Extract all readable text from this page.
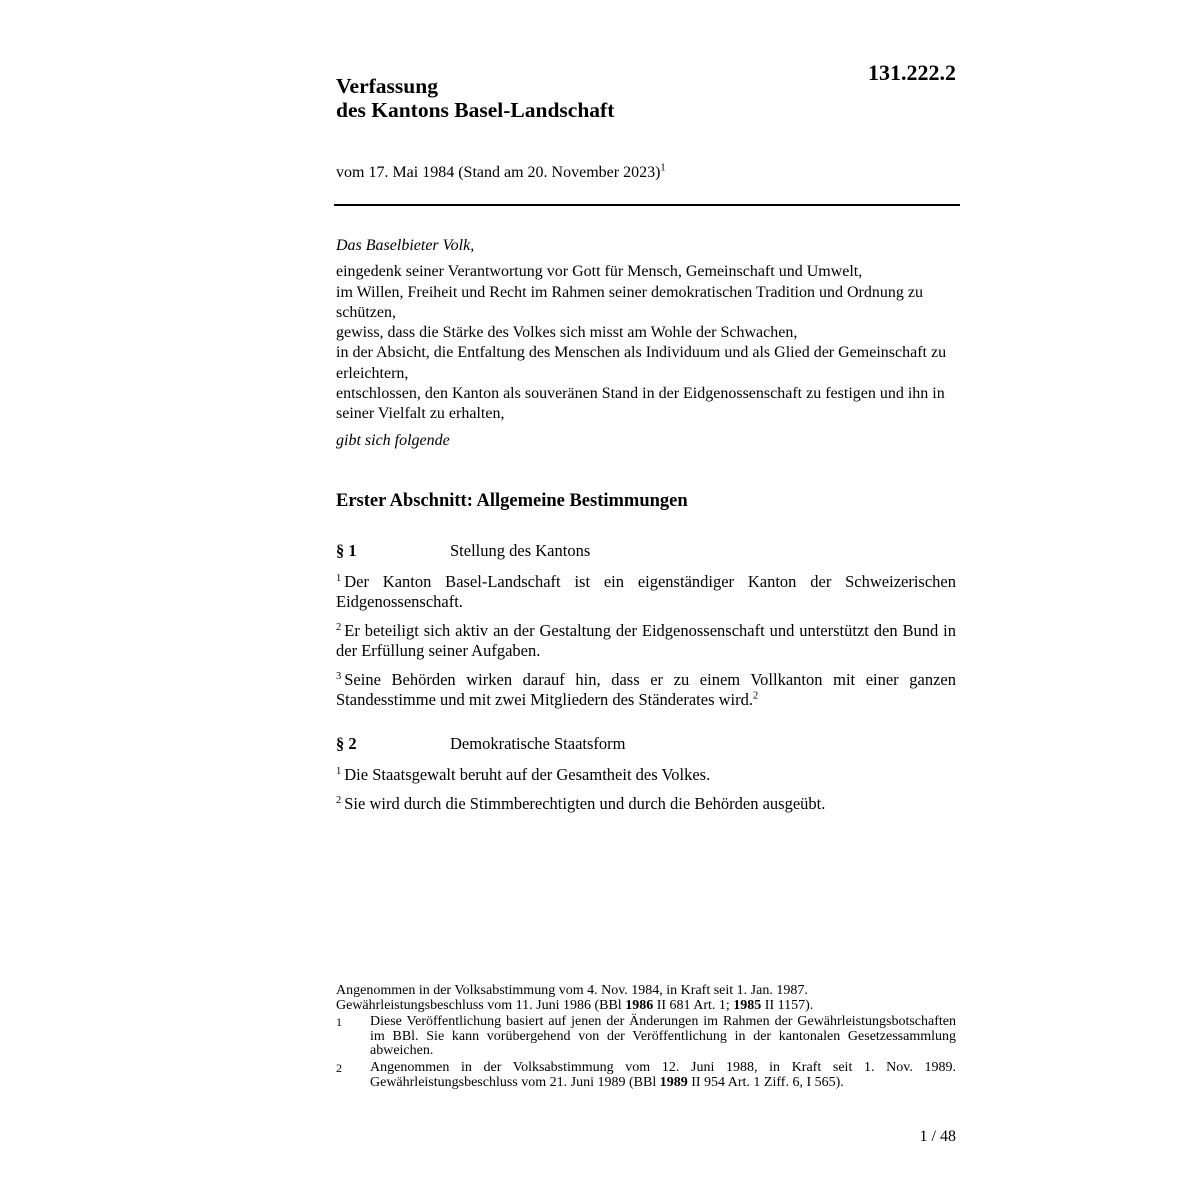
131.222.2
Verfassung
des Kantons Basel-Landschaft
vom 17. Mai 1984 (Stand am 20. November 2023)$^1$
Das Baselbieter Volk,
eingedenk seiner Verantwortung vor Gott für Mensch, Gemeinschaft und Umwelt,
im Willen, Freiheit und Recht im Rahmen seiner demokratischen Tradition und Ordnung zu schützen,
gewiss, dass die Stärke des Volkes sich misst am Wohle der Schwachen,
in der Absicht, die Entfaltung des Menschen als Individuum und als Glied der Gemeinschaft zu erleichtern,
entschlossen, den Kanton als souveränen Stand in der Eidgenossenschaft zu festigen und ihn in seiner Vielfalt zu erhalten,
gibt sich folgende
Erster Abschnitt: Allgemeine Bestimmungen
§ 1	Stellung des Kantons
$^1$ Der Kanton Basel-Landschaft ist ein eigenständiger Kanton der Schweizerischen Eidgenossenschaft.
$^2$ Er beteiligt sich aktiv an der Gestaltung der Eidgenossenschaft und unterstützt den Bund in der Erfüllung seiner Aufgaben.
$^3$ Seine Behörden wirken darauf hin, dass er zu einem Vollkanton mit einer ganzen Standesstimme und mit zwei Mitgliedern des Ständerates wird.$^2$
§ 2	Demokratische Staatsform
$^1$ Die Staatsgewalt beruht auf der Gesamtheit des Volkes.
$^2$ Sie wird durch die Stimmberechtigten und durch die Behörden ausgeübt.
Angenommen in der Volksabstimmung vom 4. Nov. 1984, in Kraft seit 1. Jan. 1987.
Gewährleistungsbeschluss vom 11. Juni 1986 (BBl 1986 II 681 Art. 1; 1985 II 1157).
1	Diese Veröffentlichung basiert auf jenen der Änderungen im Rahmen der Gewährleistungsbotschaften im BBl. Sie kann vorübergehend von der Veröffentlichung in der kantonalen Gesetzessammlung abweichen.
2	Angenommen in der Volksabstimmung vom 12. Juni 1988, in Kraft seit 1. Nov. 1989. Gewährleistungsbeschluss vom 21. Juni 1989 (BBl 1989 II 954 Art. 1 Ziff. 6, I 565).
1 / 48
